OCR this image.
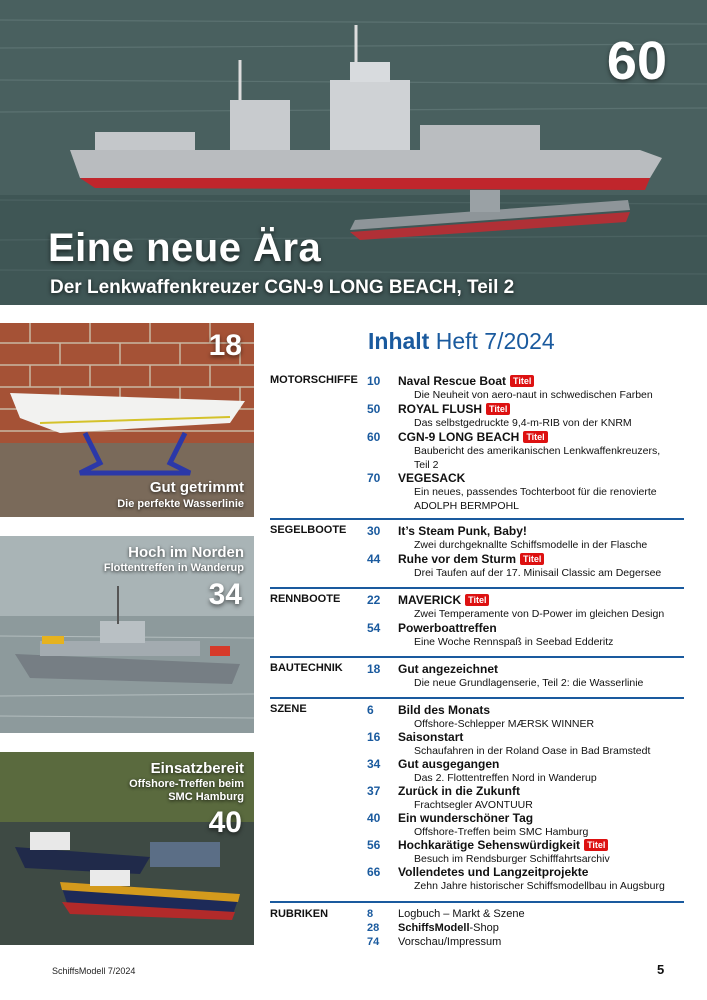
60
Eine neue Ära
Der Lenkwaffenkreuzer CGN-9 LONG BEACH, Teil 2
18
Gut getrimmt
Die perfekte Wasserlinie
Hoch im Norden
Flottentreffen in Wanderup
34
Einsatzbereit
Offshore-Treffen beim
SMC Hamburg
40
Inhalt Heft 7/2024
MOTORSCHIFFE 10 Naval Rescue Boat Titel
Die Neuheit von aero-naut in schwedischen Farben
50 ROYAL FLUSH Titel
Das selbstgedruckte 9,4-m-RIB von der KNRM
60 CGN-9 LONG BEACH Titel
Baubericht des amerikanischen Lenkwaffenkreuzers,
Teil 2
70 VEGESACK
Ein neues, passendes Tochterboot für die renovierte
ADOLPH BERMPOHL
SEGELBOOTE 30 It’s Steam Punk, Baby!
Zwei durchgeknallte Schiffsmodelle in der Flasche
44 Ruhe vor dem Sturm Titel
Drei Taufen auf der 17. Minisail Classic am Degersee
RENNBOOTE 22 MAVERICK Titel
Zwei Temperamente von D-Power im gleichen Design
54 Powerboattreffen
Eine Woche Rennspaß in Seebad Edderitz
BAUTECHNIK 18 Gut angezeichnet
Die neue Grundlagenserie, Teil 2: die Wasserlinie
SZENE	6 Bild des Monats
Offshore-Schlepper MÆRSK WINNER
16 Saisonstart
Schaufahren in der Roland Oase in Bad Bramstedt
34 Gut ausgegangen
Das 2. Flottentreffen Nord in Wanderup
37 Zurück in die Zukunft
Frachtsegler AVONTUUR
40 Ein wunderschöner Tag
Offshore-Treffen beim SMC Hamburg
56 Hochkarätige Sehenswürdigkeit Titel
Besuch im Rendsburger Schifffahrtsarchiv
66 Vollendetes und Langzeitprojekte
Zehn Jahre historischer Schiffsmodellbau in Augsburg
RUBRIKEN	8 Logbuch – Markt & Szene
28 SchiffsModell-Shop
74 Vorschau/Impressum
SchiffsModell 7/2024	5
